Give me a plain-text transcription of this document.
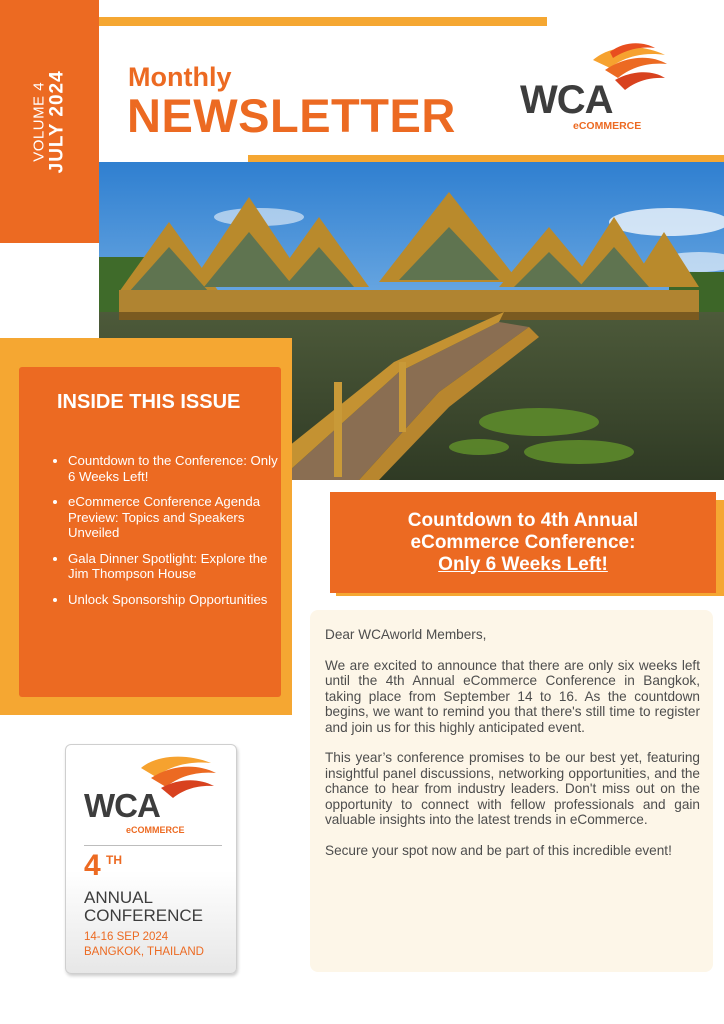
VOLUME 4
JULY 2024 Monthly
NEWSLETTER WCA
eCOMMERCE
INSIDE THIS ISSUE
• Countdown to the Conference: Only 6 Weeks Left!
• eCommerce Conference Agenda Preview: Topics and Speakers Unveiled
• Gala Dinner Spotlight: Explore the Jim Thompson House
• Unlock Sponsorship Opportunities
Countdown to 4th Annual
eCommerce Conference:
Only 6 Weeks Left!

Dear WCAworld Members,

We are excited to announce that there are only six weeks left until the 4th Annual eCommerce Conference in Bangkok, taking place from September 14 to 16. As the countdown begins, we want to remind you that there's still time to register and join us for this highly anticipated event.

This year’s conference promises to be our best yet, featuring insightful panel discussions, networking opportunities, and the chance to hear from industry leaders. Don't miss out on the opportunity to connect with fellow professionals and gain valuable insights into the latest trends in eCommerce.

Secure your spot now and be part of this incredible event!

WCA
eCOMMERCE
4 TH
ANNUAL
CONFERENCE
14-16 SEP 2024
BANGKOK, THAILAND
